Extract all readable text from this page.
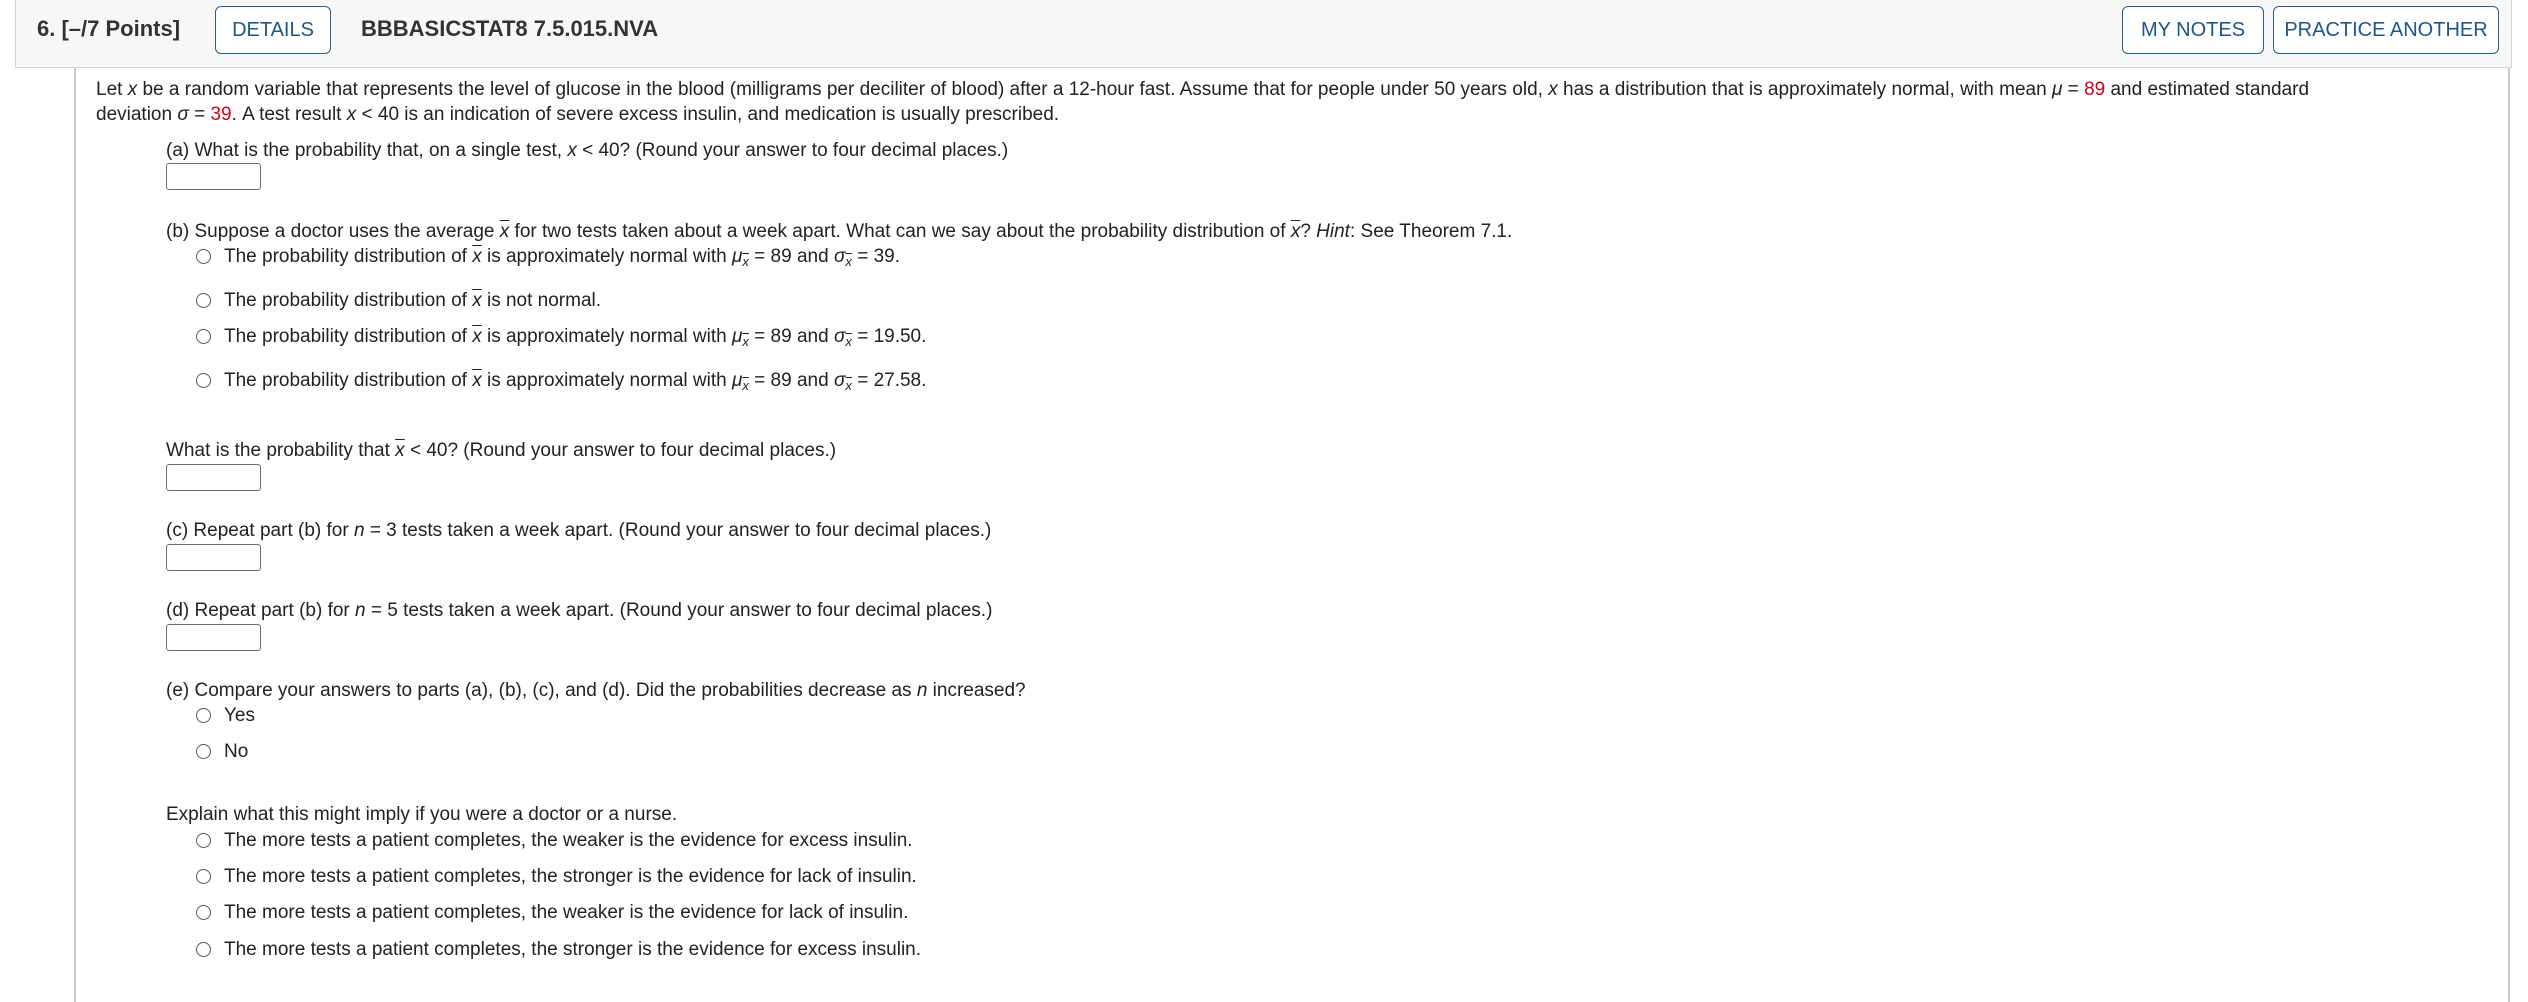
6. [–/7 Points]	DETAILS	BBBASICSTAT8 7.5.015.NVA	MY NOTES	PRACTICE ANOTHER
Let x be a random variable that represents the level of glucose in the blood (milligrams per deciliter of blood) after a 12-hour fast. Assume that for people under 50 years old, x has a distribution that is approximately normal, with mean μ = 89 and estimated standard
deviation σ = 39. A test result x < 40 is an indication of severe excess insulin, and medication is usually prescribed.
(a) What is the probability that, on a single test, x < 40? (Round your answer to four decimal places.)
(b) Suppose a doctor uses the average $\overline{x}$ for two tests taken about a week apart. What can we say about the probability distribution of $\overline{x}$? Hint: See Theorem 7.1.
The probability distribution of $\overline{x}$ is approximately normal with $\mu_{\overline{x}} = 89$ and $\sigma_{\overline{x}} = 39$.
The probability distribution of $\overline{x}$ is not normal.
The probability distribution of $\overline{x}$ is approximately normal with $\mu_{\overline{x}} = 89$ and $\sigma_{\overline{x}} = 19.50$.
The probability distribution of $\overline{x}$ is approximately normal with $\mu_{\overline{x}} = 89$ and $\sigma_{\overline{x}} = 27.58$.
What is the probability that $\overline{x} < 40$? (Round your answer to four decimal places.)
(c) Repeat part (b) for n = 3 tests taken a week apart. (Round your answer to four decimal places.)
(d) Repeat part (b) for n = 5 tests taken a week apart. (Round your answer to four decimal places.)
(e) Compare your answers to parts (a), (b), (c), and (d). Did the probabilities decrease as n increased?
Yes
No
Explain what this might imply if you were a doctor or a nurse.
The more tests a patient completes, the weaker is the evidence for excess insulin.
The more tests a patient completes, the stronger is the evidence for lack of insulin.
The more tests a patient completes, the weaker is the evidence for lack of insulin.
The more tests a patient completes, the stronger is the evidence for excess insulin.
